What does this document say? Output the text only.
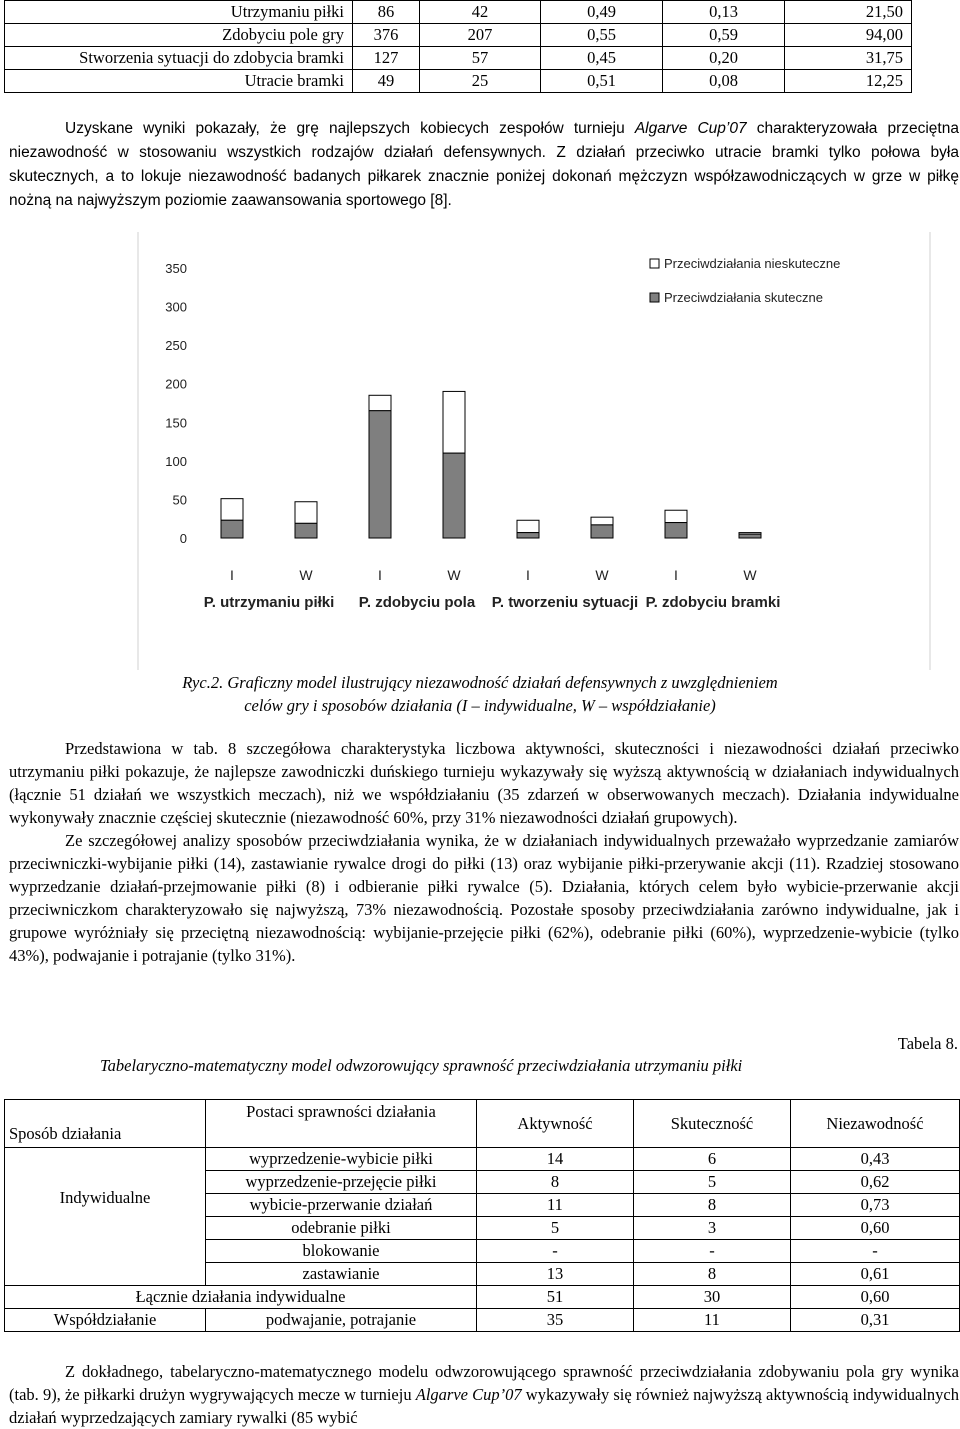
Utrzymaniu piłki	86	42	0,49	0,13	21,50
Zdobyciu pole gry	376	207	0,55	0,59	94,00
Stworzenia sytuacji do zdobycia bramki	127	57	0,45	0,20	31,75
Utracie bramki	49	25	0,51	0,08	12,25

Uzyskane wyniki pokazały, że grę najlepszych kobiecych zespołów turnieju Algarve Cup’07 charakteryzowała przeciętna niezawodność w stosowaniu wszystkich rodzajów działań defensywnych. Z działań przeciwko utracie bramki tylko połowa była skutecznych, a to lokuje niezawodność badanych piłkarek znacznie poniżej dokonań mężczyzn współzawodniczących w grze w piłkę nożną na najwyższym poziomie zaawansowania sportowego [8].

0
50
100
150
200
250
300
350
I	W	I	W	I	W	I	W
P. utrzymaniu piłki P. zdobyciu pola P. tworzeniu sytuacji P. zdobyciu bramki
Przeciwdziałania nieskuteczne
Przeciwdziałania skuteczne
Ryc.2. Graficzny model ilustrujący niezawodność działań defensywnych z uwzględnieniem
celów gry i sposobów działania (I – indywidualne, W – współdziałanie)

Przedstawiona w tab. 8 szczegółowa charakterystyka liczbowa aktywności, skuteczności i niezawodności działań przeciwko utrzymaniu piłki pokazuje, że najlepsze zawodniczki duńskiego turnieju wykazywały się wyższą aktywnością w działaniach indywidualnych (łącznie 51 działań we wszystkich meczach), niż we współdziałaniu (35 zdarzeń w obserwowanych meczach). Działania indywidualne wykonywały znacznie częściej skutecznie (niezawodność 60%, przy 31% niezawodności działań grupowych).

Ze szczegółowej analizy sposobów przeciwdziałania wynika, że w działaniach indywidualnych przeważało wyprzedzanie zamiarów przeciwniczki-wybijanie piłki (14), zastawianie rywalce drogi do piłki (13) oraz wybijanie piłki-przerywanie akcji (11). Rzadziej stosowano wyprzedzanie działań-przejmowanie piłki (8) i odbieranie piłki rywalce (5). Działania, których celem było wybicie-przerwanie akcji przeciwniczkom charakteryzowało się najwyższą, 73% niezawodnością. Pozostałe sposoby przeciwdziałania zarówno indywidualne, jak i grupowe wyróżniały się przeciętną niezawodnością: wybijanie-przejęcie piłki (62%), odebranie piłki (60%), wyprzedzenie-wybicie (tylko 43%), podwajanie i potrajanie (tylko 31%).

Tabela 8.
Tabelaryczno-matematyczny model odwzorowujący sprawność przeciwdziałania utrzymaniu piłki
Sposób działania	Postaci sprawności działania	Aktywność	Skuteczność	Niezawodność
Indywidualne	wyprzedzenie-wybicie piłki	14	6	0,43
	wyprzedzenie-przejęcie piłki	8	5	0,62
	wybicie-przerwanie działań	11	8	0,73
	odebranie piłki	5	3	0,60
	blokowanie	-	-	-
	zastawianie	13	8	0,61
Łącznie działania indywidualne		51	30	0,60
Współdziałanie	podwajanie, potrajanie	35	11	0,31

Z dokładnego, tabelaryczno-matematycznego modelu odwzorowującego sprawność przeciwdziałania zdobywaniu pola gry wynika (tab. 9), że piłkarki drużyn wygrywających mecze w turnieju Algarve Cup’07 wykazywały się również najwyższą aktywnością indywidualnych działań wyprzedzających zamiary rywalki (85 wybić
